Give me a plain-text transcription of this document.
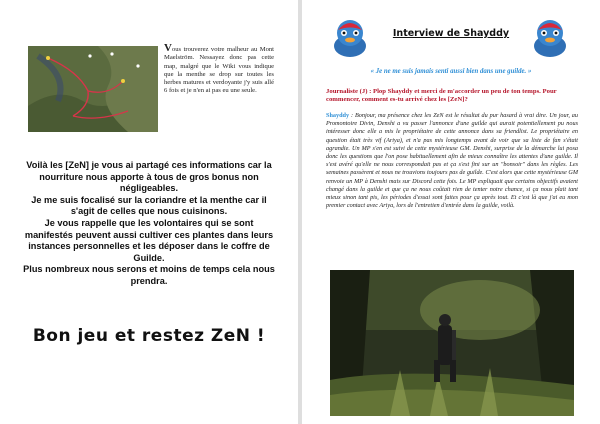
Vous trouverez votre malheur au Mont Maelström. Nessayez donc pas cette map, malgré que le Wiki vous indique que la menthe se drop sur toutes les herbes matures et verdoyante j'y suis allé 6 fois et je n'en ai pas eu une seule.

Voilà les [ZeN] je vous ai partagé ces informations car la nourriture nous apporte à tous de gros bonus non négligeables.

Je me suis focalisé sur la coriandre et la menthe car il s'agit de celles que nous cuisinons.

Je vous rappelle que les volontaires qui se sont manifestés peuvent aussi cultiver ces plantes dans leurs instances personnelles et les déposer dans le coffre de Guilde.

Plus nombreux nous serons et moins de temps cela nous prendra.

Bon jeu et restez ZeN !
Interview de Shayddy
« Je ne me suis jamais senti aussi bien dans une guilde. »
Journaliste (J) : Plop Shayddy et merci de m'accorder un peu de ton temps. Pour commencer, comment es-tu arrivé chez les [ZeN]?
Shayddy : Bonjour, ma présence chez les ZeN est le résultat du pur hasard à vrai dire. Un jour, au Promontoire Divin, Denshi a vu passer l'annonce d'une guilde qui aurait potentiellement pu nous intéresser donc elle a mis le propriétaire de cette annonce dans sa friendlist. Le propriétaire en question était très vif (Ariya), et n'a pas mis longtemps avant de voir que sa liste de fan s'était agrandie. Un MP s'en est suivi de cette mystérieuse GM. Denshi, surprise de la démarche lui posa donc les questions que l'on pose habituellement afin de mieux connaître les attentes d'une guilde. Il s'est avéré qu'elle ne nous correspondait pas et ça s'est fini sur un "bonsoir" dans les règles. Les semaines passèrent et nous ne trouvions toujours pas de guilde. C'est alors que cette mystérieuse GM renvoie un MP à Denshi mais sur Discord cette fois. Le MP expliquait que certains objectifs avaient changé dans la guilde et que ça ne nous coûtait rien de tenter notre chance, si ça nous plait tant mieux sinon tant pis, les périodes d'essai sont faites pour ça après tout. Et c'est là que j'ai eu mon premier contact avec Ariya, lors de l'entretien d'entrée dans la guilde, voilà.
